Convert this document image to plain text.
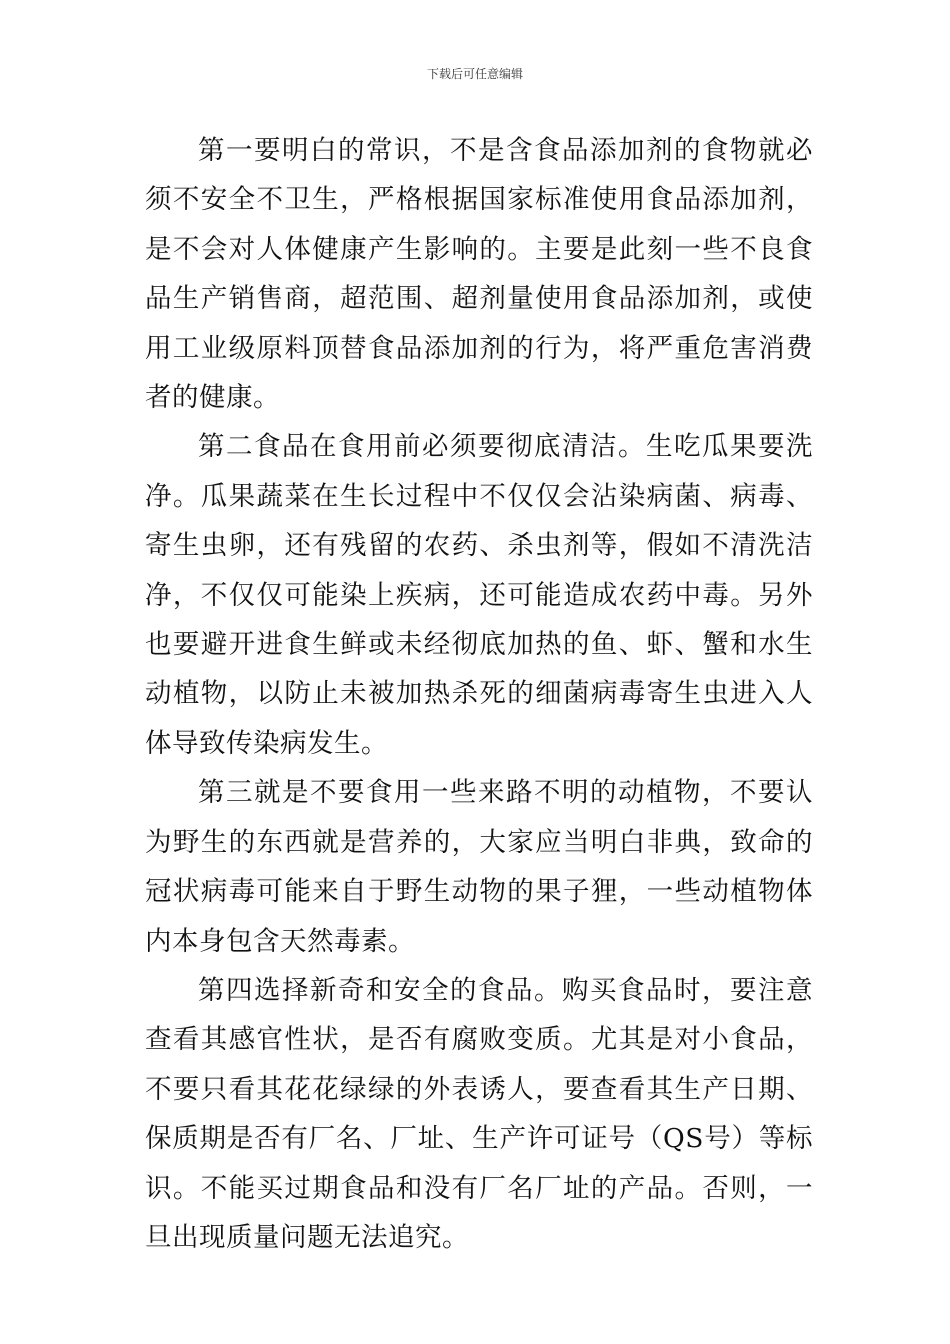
下载后可任意编辑

第一要明白的常识，不是含食品添加剂的食物就必须不安全不卫生，严格根据国家标准使用食品添加剂，是不会对人体健康产生影响的。主要是此刻一些不良食品生产销售商，超范围、超剂量使用食品添加剂，或使用工业级原料顶替食品添加剂的行为，将严重危害消费者的健康。

第二食品在食用前必须要彻底清洁。生吃瓜果要洗净。瓜果蔬菜在生长过程中不仅仅会沾染病菌、病毒、寄生虫卵，还有残留的农药、杀虫剂等，假如不清洗洁净，不仅仅可能染上疾病，还可能造成农药中毒。另外也要避开进食生鲜或未经彻底加热的鱼、虾、蟹和水生动植物，以防止未被加热杀死的细菌病毒寄生虫进入人体导致传染病发生。

第三就是不要食用一些来路不明的动植物，不要认为野生的东西就是营养的，大家应当明白非典，致命的冠状病毒可能来自于野生动物的果子狸，一些动植物体内本身包含天然毒素。

第四选择新奇和安全的食品。购买食品时，要注意查看其感官性状，是否有腐败变质。尤其是对小食品，不要只看其花花绿绿的外表诱人，要查看其生产日期、保质期是否有厂名、厂址、生产许可证号（QS号）等标识。不能买过期食品和没有厂名厂址的产品。否则，一旦出现质量问题无法追究。
